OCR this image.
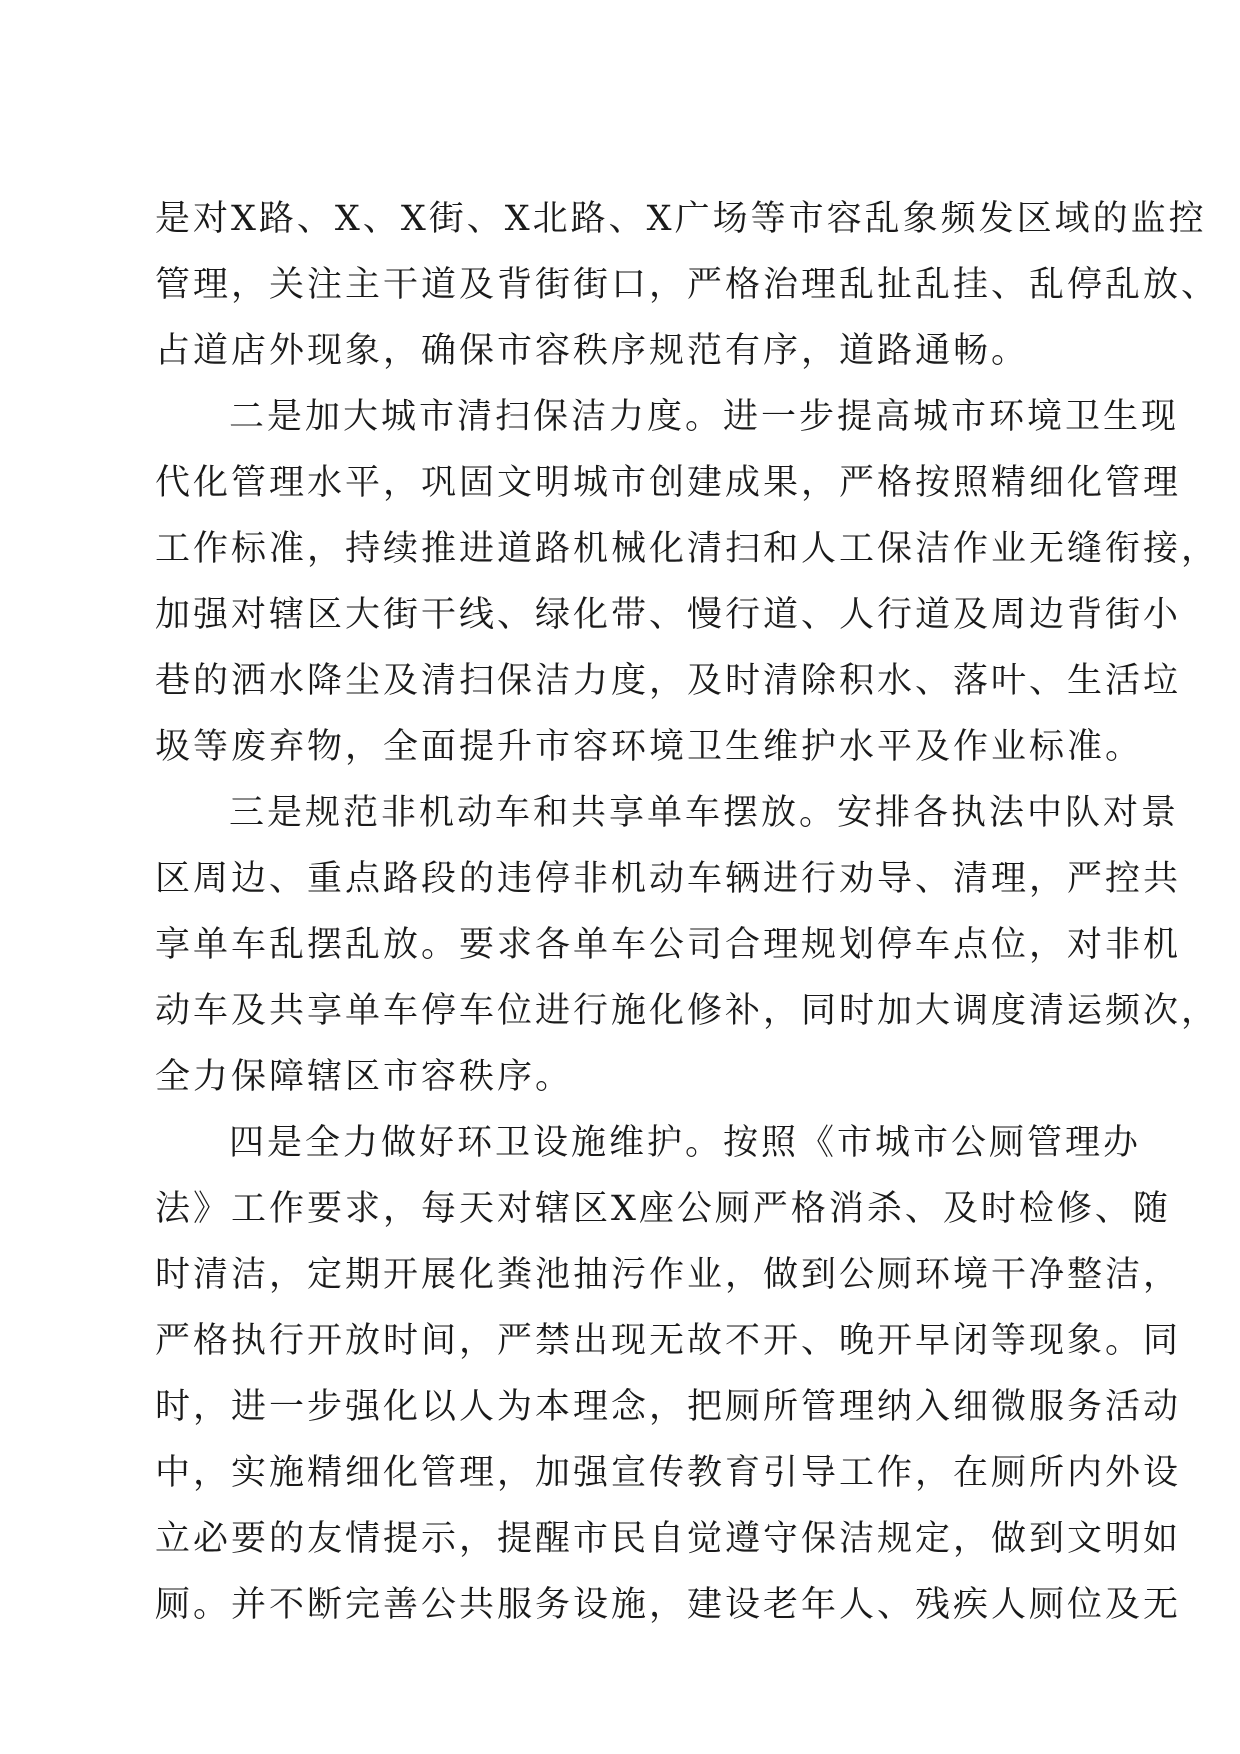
是对X路、X、X街、X北路、X广场等市容乱象频发区域的监控
管理，关注主干道及背街街口，严格治理乱扯乱挂、乱停乱放、
占道店外现象，确保市容秩序规范有序，道路通畅。
二是加大城市清扫保洁力度。进一步提高城市环境卫生现
代化管理水平，巩固文明城市创建成果，严格按照精细化管理
工作标准，持续推进道路机械化清扫和人工保洁作业无缝衔接，
加强对辖区大街干线、绿化带、慢行道、人行道及周边背街小
巷的洒水降尘及清扫保洁力度，及时清除积水、落叶、生活垃
圾等废弃物，全面提升市容环境卫生维护水平及作业标准。
三是规范非机动车和共享单车摆放。安排各执法中队对景
区周边、重点路段的违停非机动车辆进行劝导、清理，严控共
享单车乱摆乱放。要求各单车公司合理规划停车点位，对非机
动车及共享单车停车位进行施化修补，同时加大调度清运频次，
全力保障辖区市容秩序。
四是全力做好环卫设施维护。按照《市城市公厕管理办
法》工作要求，每天对辖区X座公厕严格消杀、及时检修、随
时清洁，定期开展化粪池抽污作业，做到公厕环境干净整洁，
严格执行开放时间，严禁出现无故不开、晚开早闭等现象。同
时，进一步强化以人为本理念，把厕所管理纳入细微服务活动
中，实施精细化管理，加强宣传教育引导工作，在厕所内外设
立必要的友情提示，提醒市民自觉遵守保洁规定，做到文明如
厕。并不断完善公共服务设施，建设老年人、残疾人厕位及无
